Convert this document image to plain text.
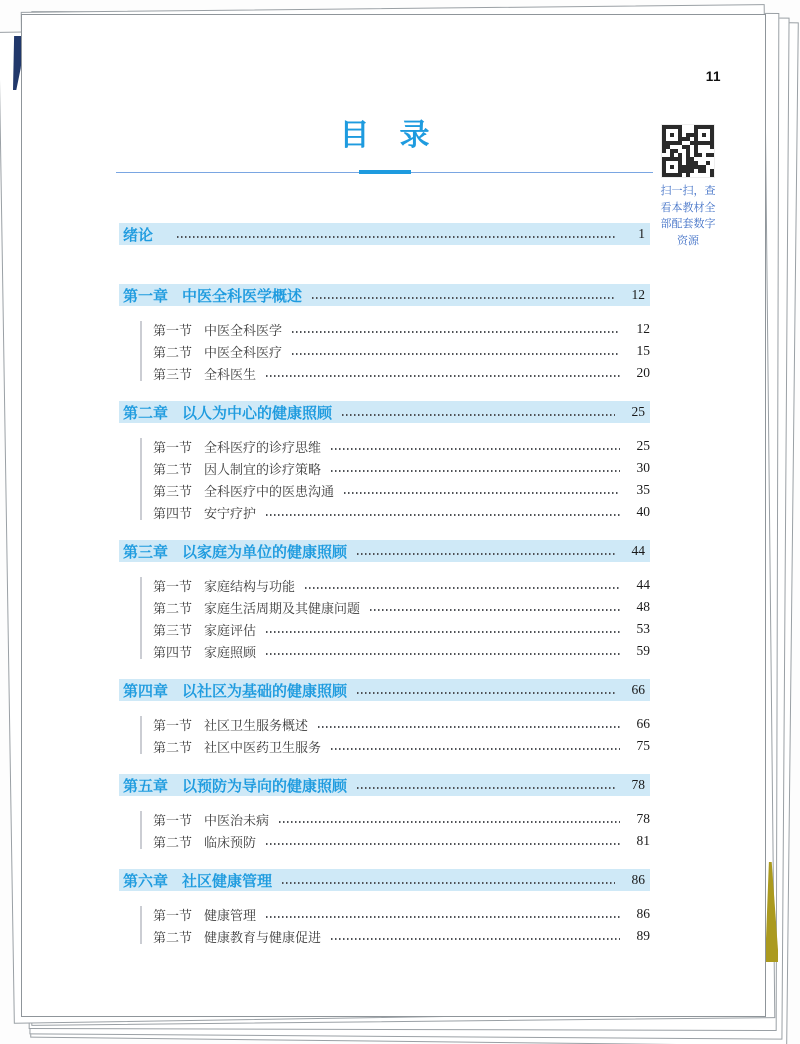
11
扫一扫，查
看本教材全
部配套数字
资源
目　录
绪论	1
第一章 中医全科医学概述	12
第一节 中医全科医学	12
第二节 中医全科医疗	15
第三节 全科医生	20
第二章 以人为中心的健康照顾	25
第一节 全科医疗的诊疗思维	25
第二节 因人制宜的诊疗策略	30
第三节 全科医疗中的医患沟通	35
第四节 安宁疗护	40
第三章 以家庭为单位的健康照顾	44
第一节 家庭结构与功能	44
第二节 家庭生活周期及其健康问题	48
第三节 家庭评估	53
第四节 家庭照顾	59
第四章 以社区为基础的健康照顾	66
第一节 社区卫生服务概述	66
第二节 社区中医药卫生服务	75
第五章 以预防为导向的健康照顾	78
第一节 中医治未病	78
第二节 临床预防	81
第六章 社区健康管理	86
第一节 健康管理	86
第二节 健康教育与健康促进	89
